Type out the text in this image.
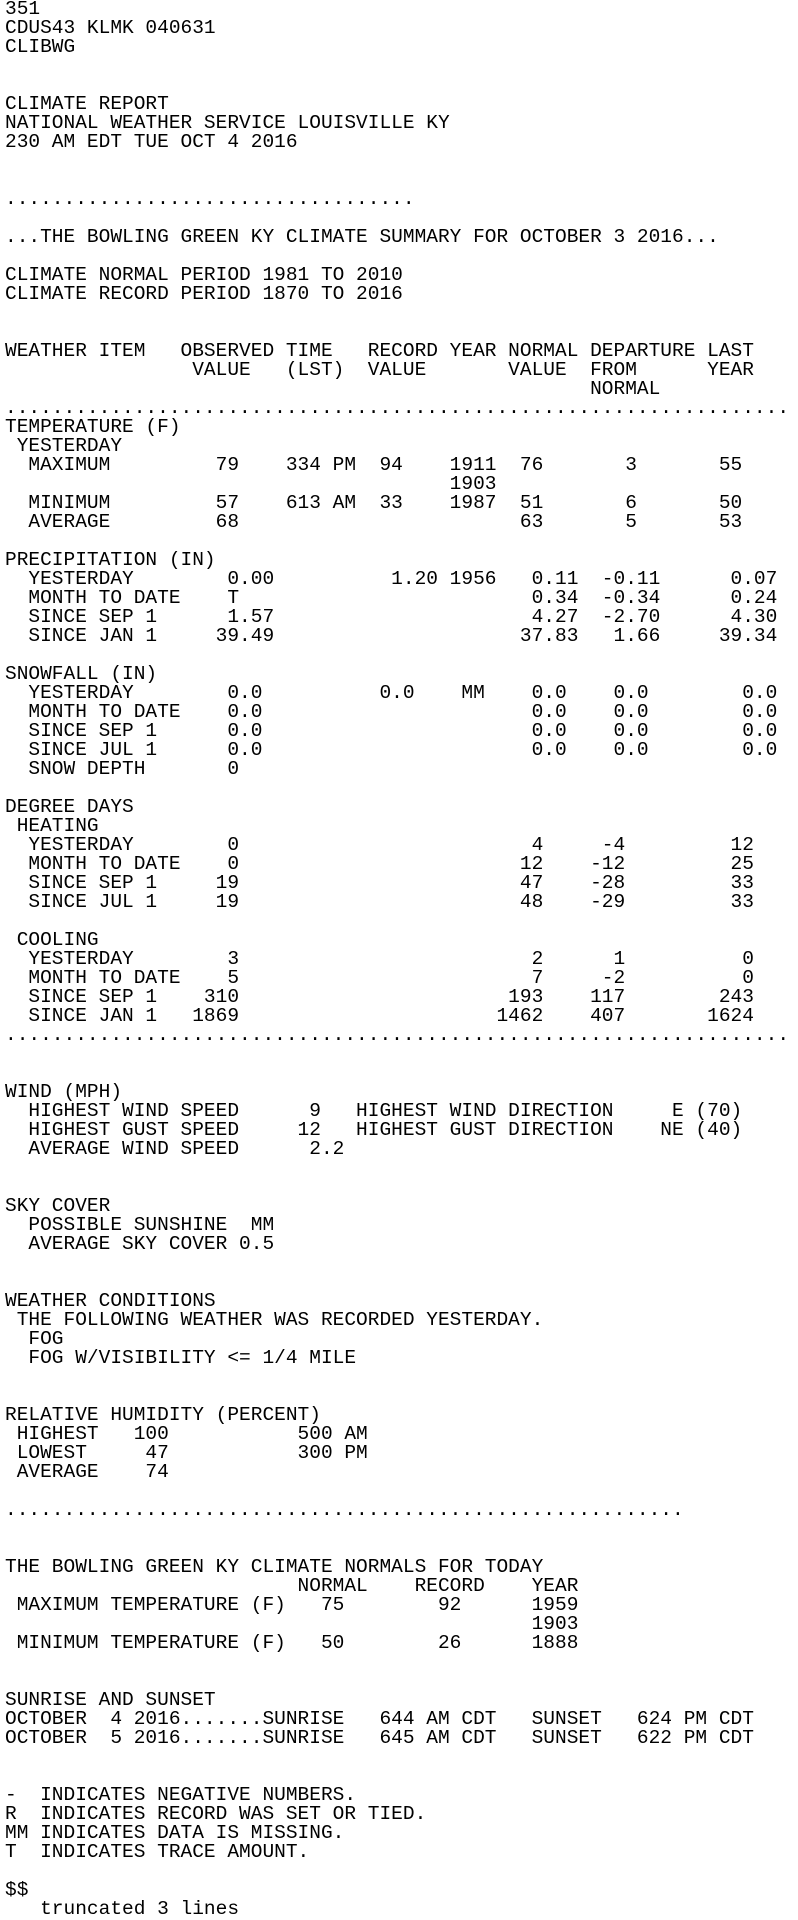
351
CDUS43 KLMK 040631
CLIBWG
CLIMATE REPORT
NATIONAL WEATHER SERVICE LOUISVILLE KY
230 AM EDT TUE OCT 4 2016
...................................
...THE BOWLING GREEN KY CLIMATE SUMMARY FOR OCTOBER 3 2016...
CLIMATE NORMAL PERIOD 1981 TO 2010
CLIMATE RECORD PERIOD 1870 TO 2016
WEATHER ITEM   OBSERVED TIME   RECORD YEAR NORMAL DEPARTURE LAST
VALUE   (LST)  VALUE       VALUE  FROM      YEAR
NORMAL
...................................................................
TEMPERATURE (F)
YESTERDAY
MAXIMUM         79    334 PM  94    1911  76       3       55
1903
MINIMUM         57    613 AM  33    1987  51       6       50
AVERAGE         68                        63       5       53
PRECIPITATION (IN)
YESTERDAY        0.00          1.20 1956   0.11  -0.11      0.07
MONTH TO DATE    T                         0.34  -0.34      0.24
SINCE SEP 1      1.57                      4.27  -2.70      4.30
SINCE JAN 1     39.49                     37.83   1.66     39.34
SNOWFALL (IN)
YESTERDAY        0.0          0.0    MM    0.0    0.0        0.0
MONTH TO DATE    0.0                       0.0    0.0        0.0
SINCE SEP 1      0.0                       0.0    0.0        0.0
SINCE JUL 1      0.0                       0.0    0.0        0.0
SNOW DEPTH       0
DEGREE DAYS
HEATING
YESTERDAY        0                         4     -4         12
MONTH TO DATE    0                        12    -12         25
SINCE SEP 1     19                        47    -28         33
SINCE JUL 1     19                        48    -29         33
COOLING
YESTERDAY        3                         2      1          0
MONTH TO DATE    5                         7     -2          0
SINCE SEP 1    310                       193    117        243
SINCE JAN 1   1869                      1462    407       1624
...................................................................
WIND (MPH)
HIGHEST WIND SPEED      9   HIGHEST WIND DIRECTION     E (70)
HIGHEST GUST SPEED     12   HIGHEST GUST DIRECTION    NE (40)
AVERAGE WIND SPEED      2.2
SKY COVER
POSSIBLE SUNSHINE  MM
AVERAGE SKY COVER 0.5
WEATHER CONDITIONS
THE FOLLOWING WEATHER WAS RECORDED YESTERDAY.
FOG
FOG W/VISIBILITY <= 1/4 MILE
RELATIVE HUMIDITY (PERCENT)
HIGHEST   100           500 AM
LOWEST     47           300 PM
AVERAGE    74
..........................................................
THE BOWLING GREEN KY CLIMATE NORMALS FOR TODAY
NORMAL    RECORD    YEAR
MAXIMUM TEMPERATURE (F)   75        92      1959
1903
MINIMUM TEMPERATURE (F)   50        26      1888
SUNRISE AND SUNSET
OCTOBER  4 2016.......SUNRISE   644 AM CDT   SUNSET   624 PM CDT
OCTOBER  5 2016.......SUNRISE   645 AM CDT   SUNSET   622 PM CDT
-  INDICATES NEGATIVE NUMBERS.
R  INDICATES RECORD WAS SET OR TIED.
MM INDICATES DATA IS MISSING.
T  INDICATES TRACE AMOUNT.
$$
truncated 3 lines
